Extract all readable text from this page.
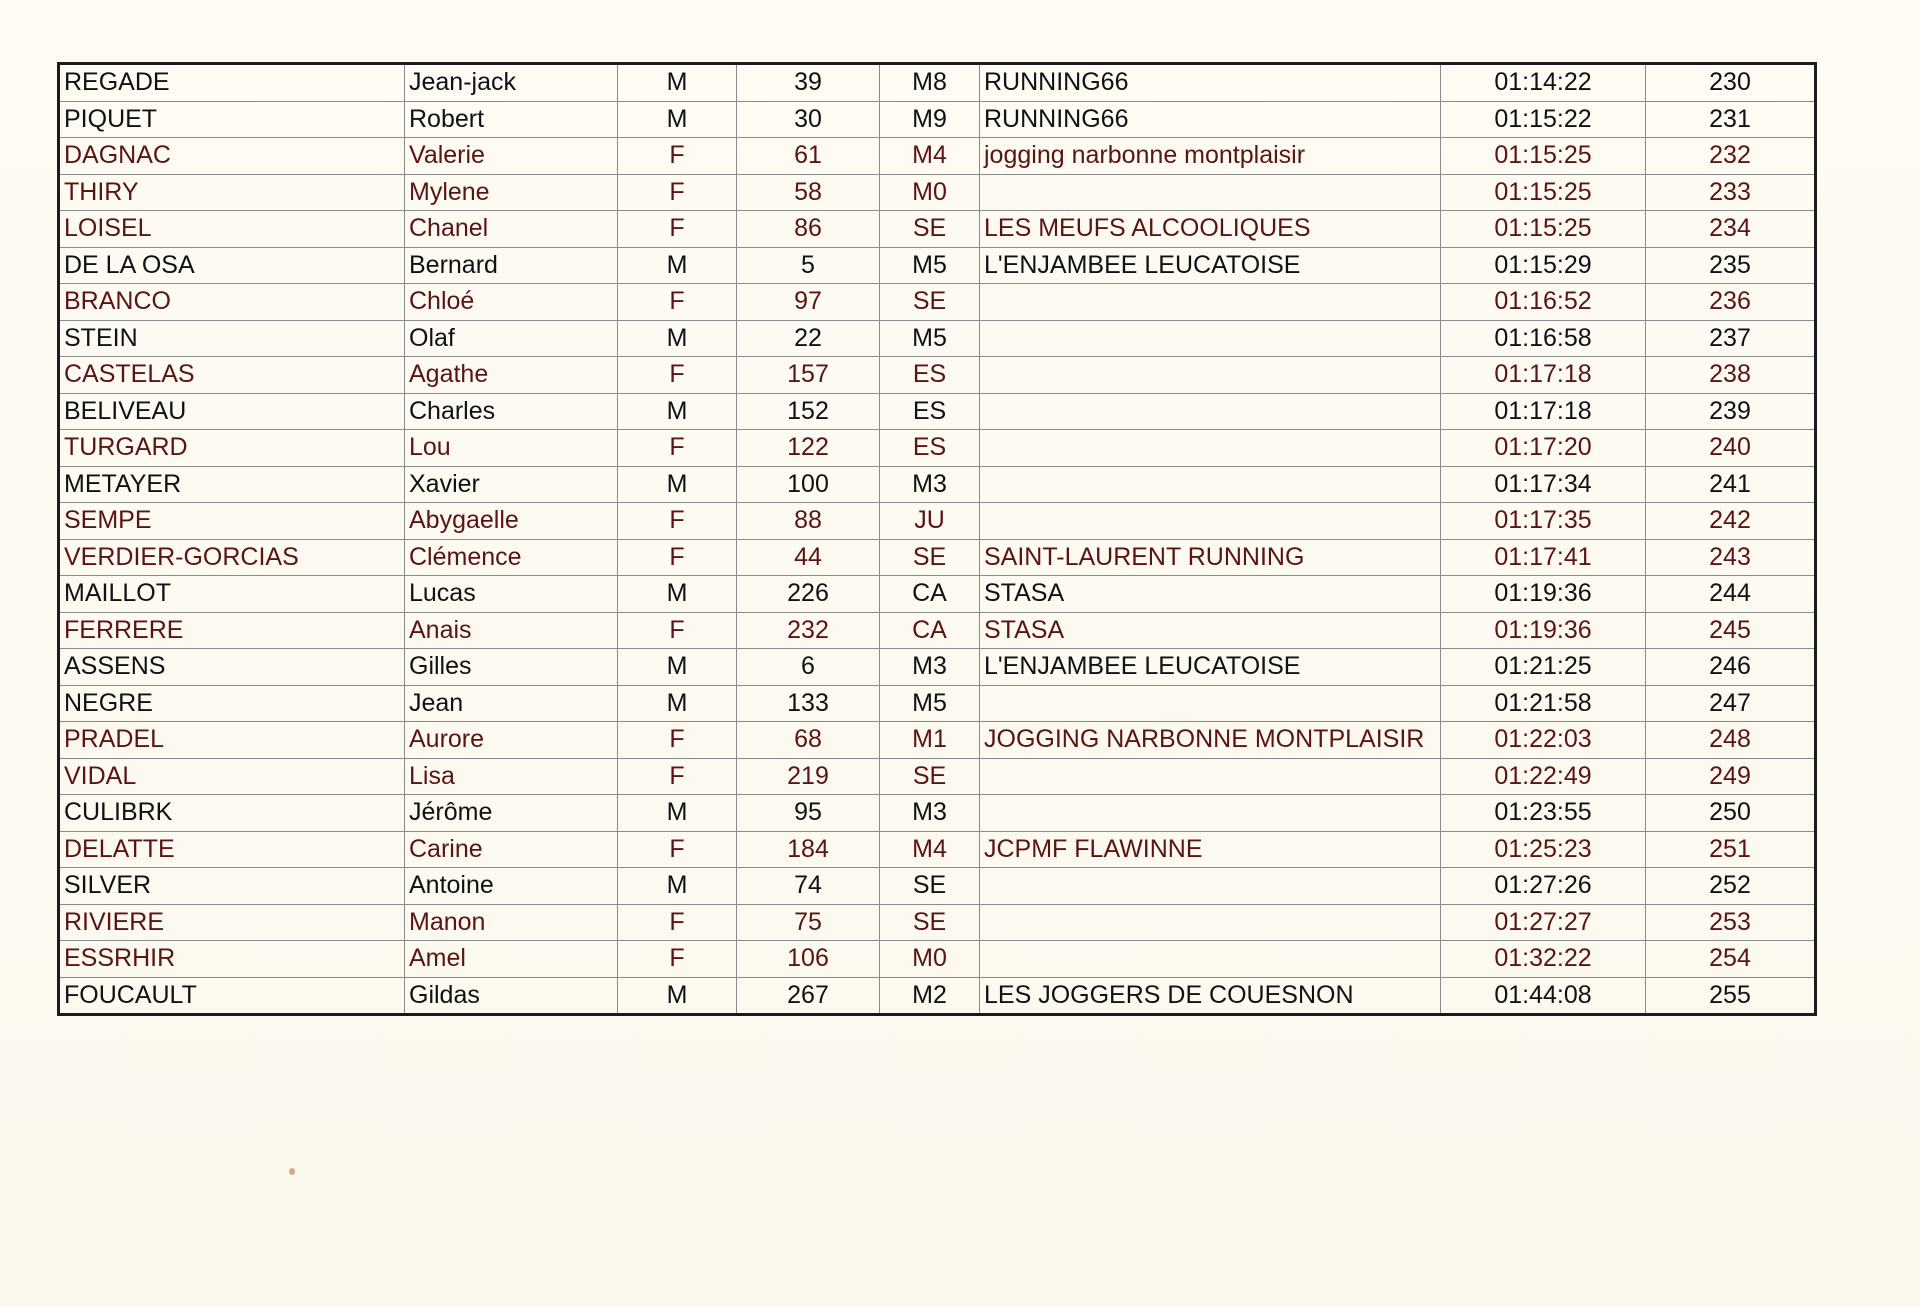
REGADE	Jean-jack	M	39	M8	RUNNING66	01:14:22	230
PIQUET	Robert	M	30	M9	RUNNING66	01:15:22	231
DAGNAC	Valerie	F	61	M4	jogging narbonne montplaisir	01:15:25	232
THIRY	Mylene	F	58	M0		01:15:25	233
LOISEL	Chanel	F	86	SE	LES MEUFS ALCOOLIQUES	01:15:25	234
DE LA OSA	Bernard	M	5	M5	L'ENJAMBEE LEUCATOISE	01:15:29	235
BRANCO	Chloé	F	97	SE		01:16:52	236
STEIN	Olaf	M	22	M5		01:16:58	237
CASTELAS	Agathe	F	157	ES		01:17:18	238
BELIVEAU	Charles	M	152	ES		01:17:18	239
TURGARD	Lou	F	122	ES		01:17:20	240
METAYER	Xavier	M	100	M3		01:17:34	241
SEMPE	Abygaelle	F	88	JU		01:17:35	242
VERDIER-GORCIAS	Clémence	F	44	SE	SAINT-LAURENT RUNNING	01:17:41	243
MAILLOT	Lucas	M	226	CA	STASA	01:19:36	244
FERRERE	Anais	F	232	CA	STASA	01:19:36	245
ASSENS	Gilles	M	6	M3	L'ENJAMBEE LEUCATOISE	01:21:25	246
NEGRE	Jean	M	133	M5		01:21:58	247
PRADEL	Aurore	F	68	M1	JOGGING NARBONNE MONTPLAISIR	01:22:03	248
VIDAL	Lisa	F	219	SE		01:22:49	249
CULIBRK	Jérôme	M	95	M3		01:23:55	250
DELATTE	Carine	F	184	M4	JCPMF FLAWINNE	01:25:23	251
SILVER	Antoine	M	74	SE		01:27:26	252
RIVIERE	Manon	F	75	SE		01:27:27	253
ESSRHIR	Amel	F	106	M0		01:32:22	254
FOUCAULT	Gildas	M	267	M2	LES JOGGERS DE COUESNON	01:44:08	255
